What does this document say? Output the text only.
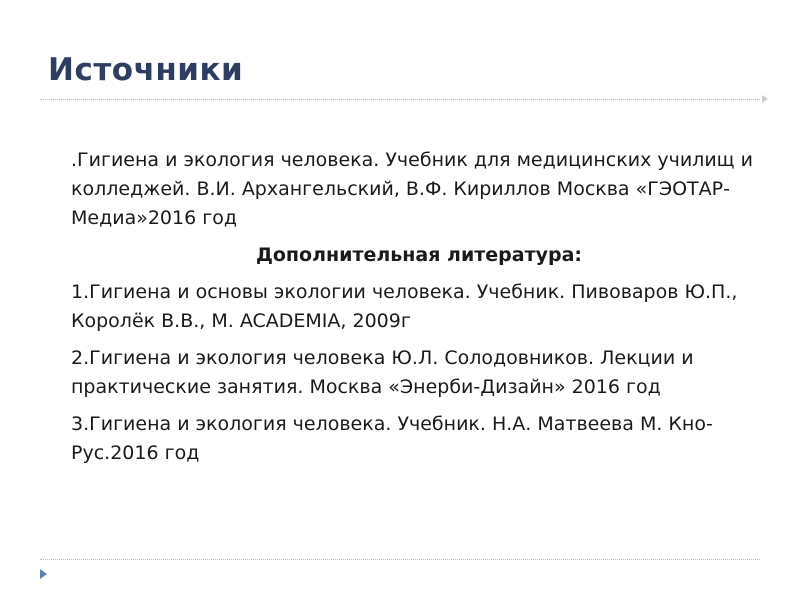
Источники
.Гигиена и экология человека. Учебник для медицинских училищ и колледжей. В.И. Архангельский, В.Ф. Кириллов Москва «ГЭОТАР-Медиа»2016 год
Дополнительная литература:
1.Гигиена и основы экологии человека. Учебник. Пивоваров Ю.П., Королёк В.В., М. ACADEMIA, 2009г
2.Гигиена и экология человека Ю.Л. Солодовников. Лекции и практические занятия. Москва «Энерби-Дизайн» 2016 год
3.Гигиена и экология человека. Учебник. Н.А. Матвеева М. Кно-Рус.2016 год
